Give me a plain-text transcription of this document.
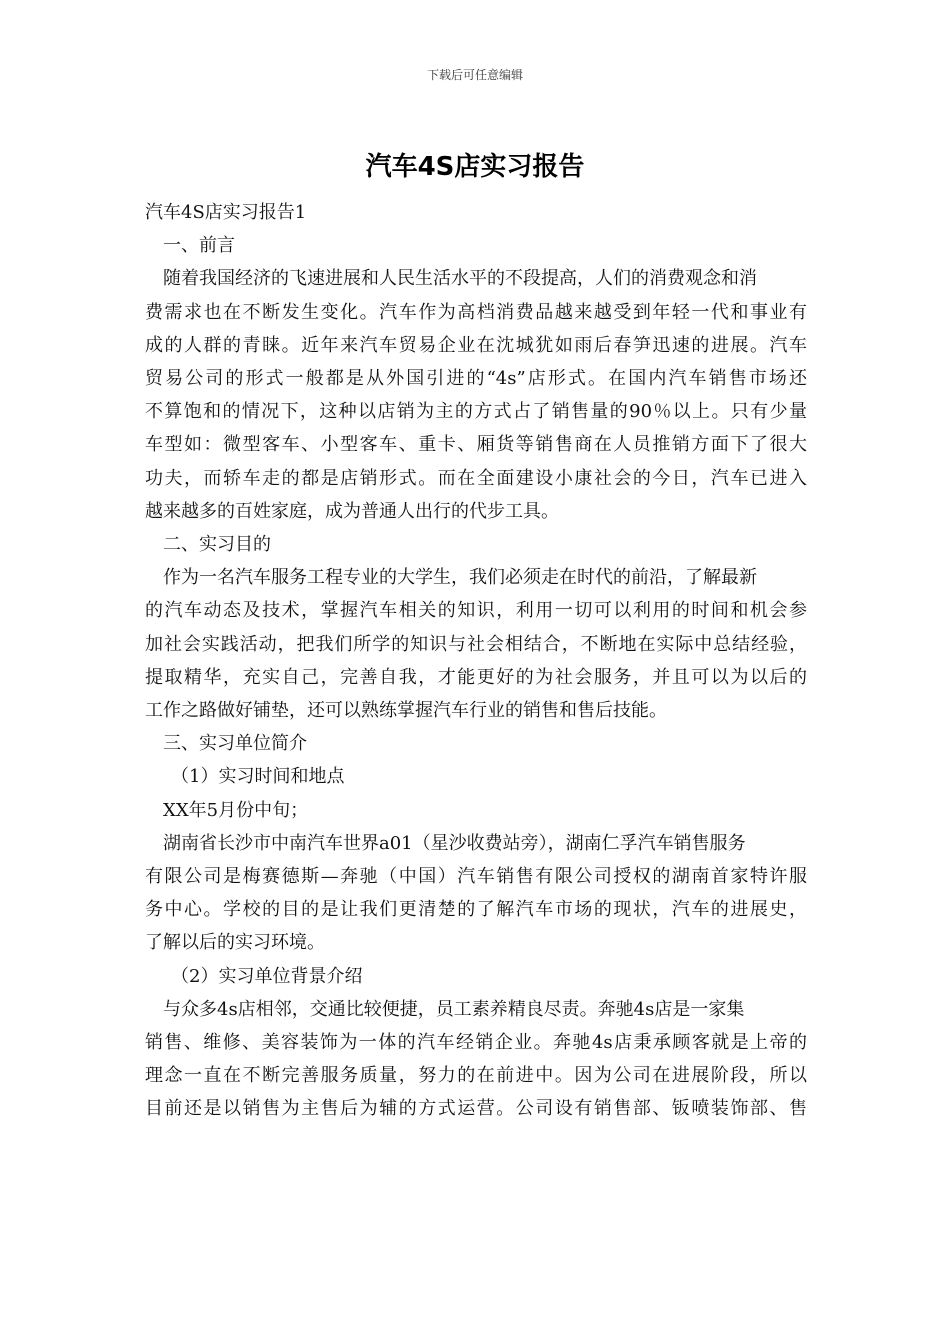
下载后可任意编辑
汽车4S店实习报告

汽车4S店实习报告1

一、前言

随着我国经济的飞速进展和人民生活水平的不段提高，人们的消费观念和消

费需求也在不断发生变化。汽车作为高档消费品越来越受到年轻一代和事业有

成的人群的青睐。近年来汽车贸易企业在沈城犹如雨后春笋迅速的进展。汽车

贸易公司的形式一般都是从外国引进的“4s”店形式。在国内汽车销售市场还

不算饱和的情况下，这种以店销为主的方式占了销售量的90％以上。只有少量

车型如：微型客车、小型客车、重卡、厢货等销售商在人员推销方面下了很大

功夫，而轿车走的都是店销形式。而在全面建设小康社会的今日，汽车已进入

越来越多的百姓家庭，成为普通人出行的代步工具。

二、实习目的

作为一名汽车服务工程专业的大学生，我们必须走在时代的前沿，了解最新

的汽车动态及技术，掌握汽车相关的知识，利用一切可以利用的时间和机会参

加社会实践活动，把我们所学的知识与社会相结合，不断地在实际中总结经验，

提取精华，充实自己，完善自我，才能更好的为社会服务，并且可以为以后的

工作之路做好铺垫，还可以熟练掌握汽车行业的销售和售后技能。

三、实习单位简介

（1）实习时间和地点

XX年5月份中旬；

湖南省长沙市中南汽车世界a01（星沙收费站旁），湖南仁孚汽车销售服务

有限公司是梅赛德斯—奔驰（中国）汽车销售有限公司授权的湖南首家特许服

务中心。学校的目的是让我们更清楚的了解汽车市场的现状，汽车的进展史，

了解以后的实习环境。

（2）实习单位背景介绍

与众多4s店相邻，交通比较便捷，员工素养精良尽责。奔驰4s店是一家集

销售、维修、美容装饰为一体的汽车经销企业。奔驰4s店秉承顾客就是上帝的

理念一直在不断完善服务质量，努力的在前进中。因为公司在进展阶段，所以

目前还是以销售为主售后为辅的方式运营。公司设有销售部、钣喷装饰部、售
